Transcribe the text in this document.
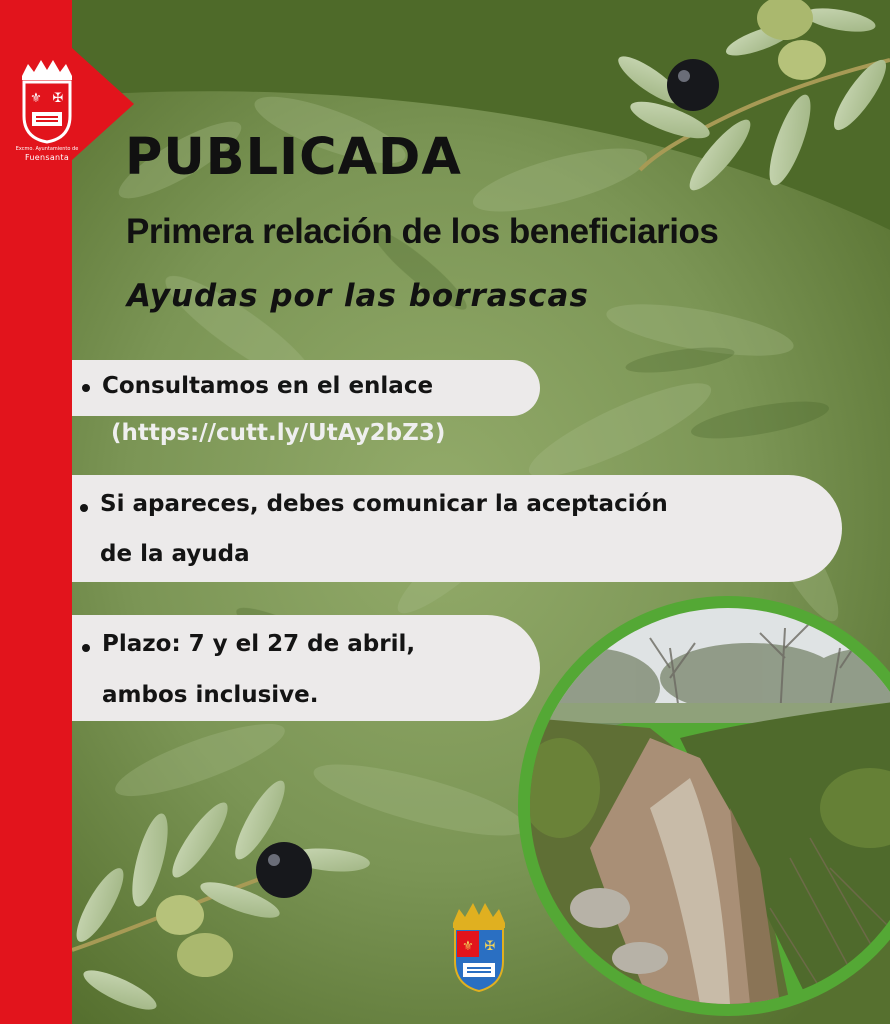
⚜ ✠
Excmo. Ayuntamiento de
Fuensanta PUBLICADA
Primera relación de los beneficiarios
Ayudas por las borrascas
Consultamos en el enlace
(https://cutt.ly/UtAy2bZ3)
Si apareces, debes comunicar la aceptación
de la ayuda
Plazo: 7 y el 27 de abril,
ambos inclusive.
⚜ ✠
